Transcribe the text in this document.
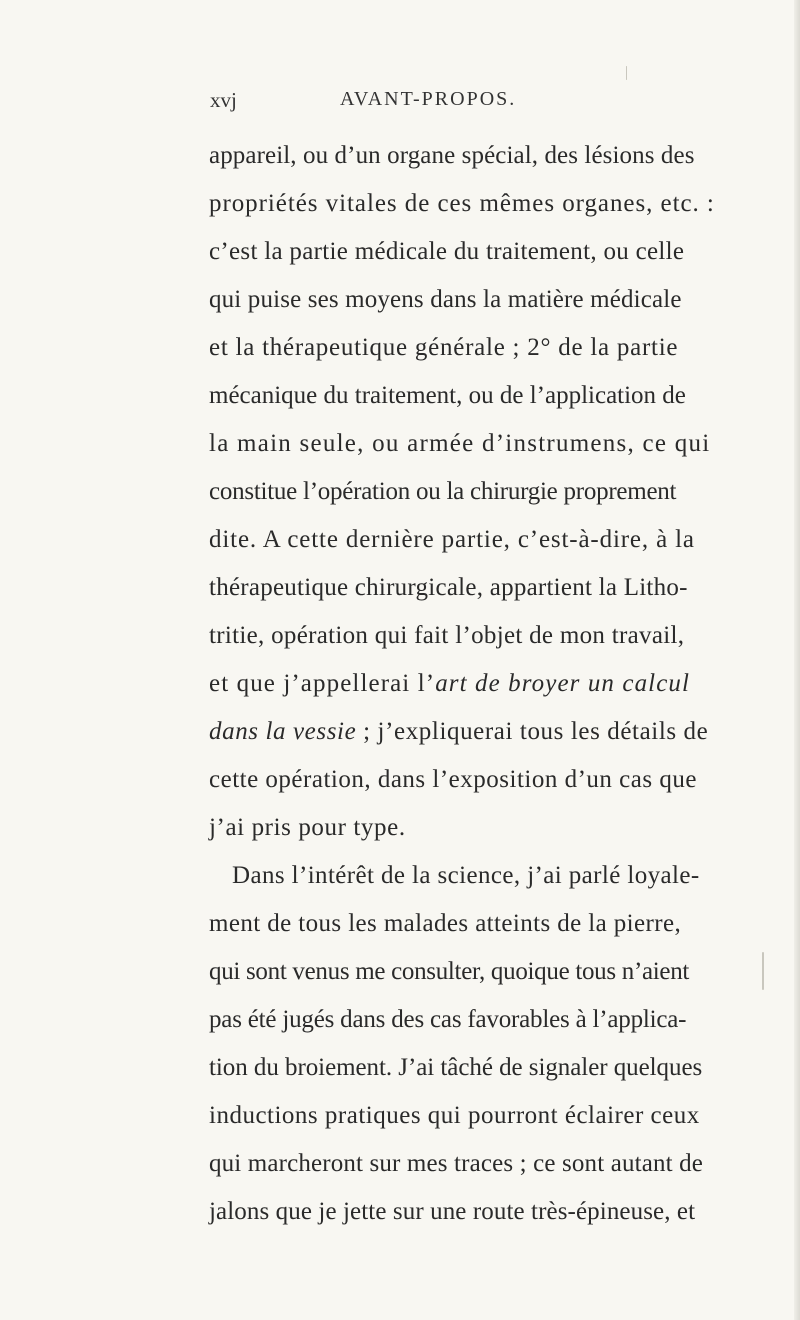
xvj	AVANT-PROPOS.
appareil, ou d’un organe spécial, des lésions des
propriétés vitales de ces mêmes organes, etc. :
c’est la partie médicale du traitement, ou celle
qui puise ses moyens dans la matière médicale
et la thérapeutique générale ; 2° de la partie
mécanique du traitement, ou de l’application de
la main seule, ou armée d’instrumens, ce qui
constitue l’opération ou la chirurgie proprement
dite. A cette dernière partie, c’est-à-dire, à la
thérapeutique chirurgicale, appartient la Litho-
tritie, opération qui fait l’objet de mon travail,
et que j’appellerai l’art de broyer un calcul
dans la vessie ; j’expliquerai tous les détails de
cette opération, dans l’exposition d’un cas que
j’ai pris pour type.
Dans l’intérêt de la science, j’ai parlé loyale-
ment de tous les malades atteints de la pierre,
qui sont venus me consulter, quoique tous n’aient
pas été jugés dans des cas favorables à l’applica-
tion du broiement. J’ai tâché de signaler quelques
inductions pratiques qui pourront éclairer ceux
qui marcheront sur mes traces ; ce sont autant de
jalons que je jette sur une route très-épineuse, et
